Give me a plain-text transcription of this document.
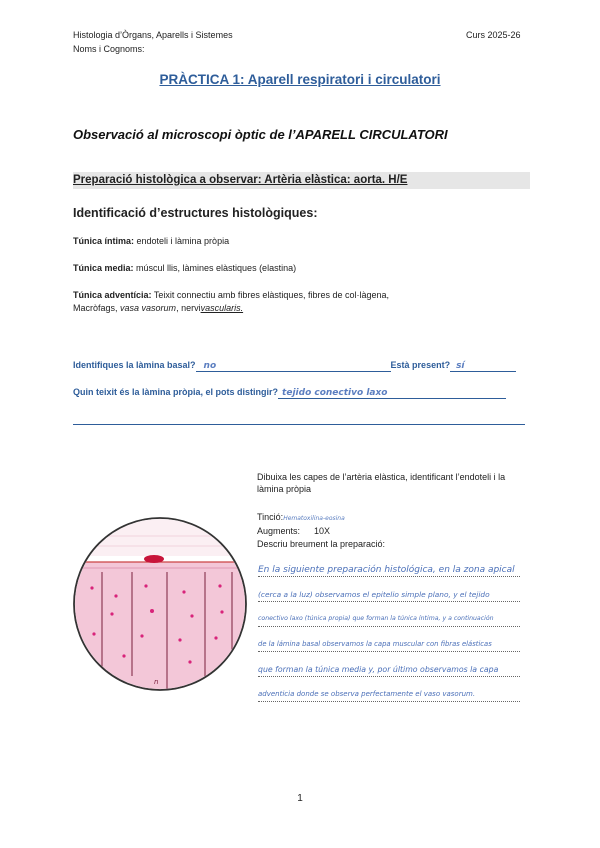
Histologia d’Òrgans, Aparells i Sistemes	Curs 2025-26
Noms i Cognoms:
PRÀCTICA 1: Aparell respiratori i circulatori
Observació al microscopi òptic de l’APARELL CIRCULATORI
Preparació histològica a observar: Artèria elàstica: aorta. H/E
Identificació d’estructures histològiques:
Túnica íntima: endoteli i làmina pròpia
Túnica media: múscul llis, làmines elàstiques (elastina)
Túnica adventícia: Teixit connectiu amb fibres elàstiques, fibres de col·làgena,
Macròfags, vasa vasorum, nervivascularis.
Identifiques la làmina basal? no	Està present? sí
Quin teixit és la làmina pròpia, el pots distingir? tejido conectivo laxo
n
Dibuixa les capes de l’artèria elàstica, identificant l’endoteli i la làmina pròpia
Tinció:Hematoxilina-eosina
Augments: 10X
Descriu breument la preparació:
En la siguiente preparación histológica, en la zona apical
(cerca a la luz) observamos el epitelio simple plano, y el tejido
conectivo laxo (túnica propia) que forman la túnica íntima, y a continuación
de la lámina basal observamos la capa muscular con fibras elásticas
que forman la túnica media y, por último observamos la capa
adventicia donde se observa perfectamente el vaso vasorum.
1
